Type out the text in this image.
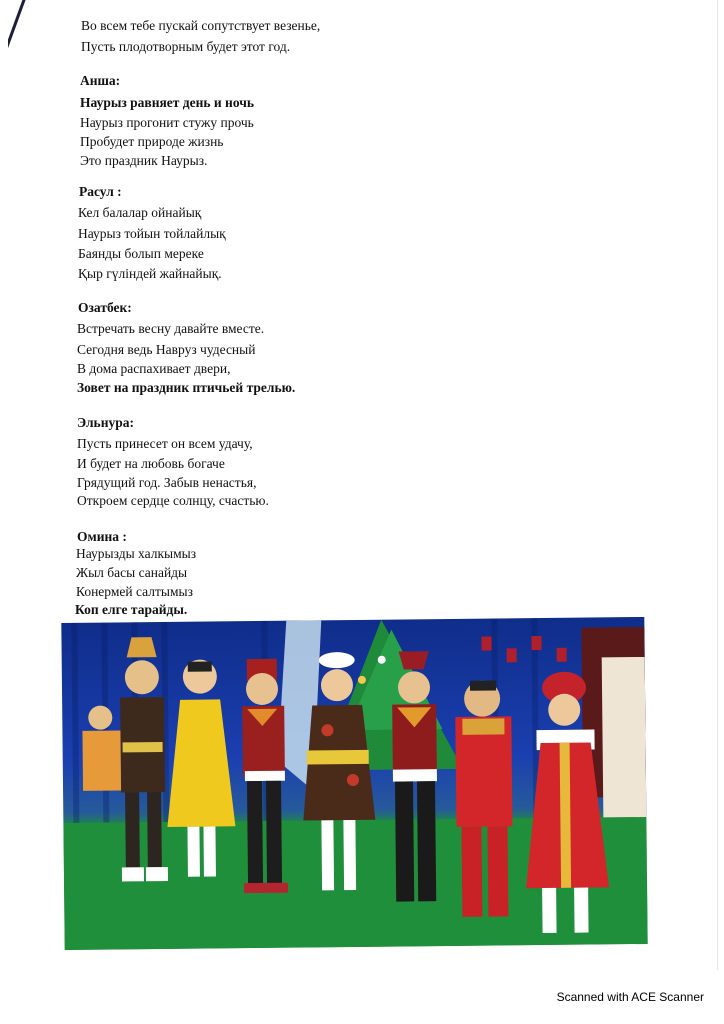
Во всем тебе пускай сопутствует везенье,
Пусть плодотворным будет этот год.
Анша:
Наурыз равняет день и ночь
Наурыз прогонит стужу прочь
Пробудет природе жизнь
Это праздник Наурыз.
Расул :
Кел балалар ойнайық
Наурыз тойын тойлайлық
Баянды болып мереке
Қыр гүліндей жайнайық.
Озатбек:
Встречать весну давайте вместе.
Сегодня ведь Навруз чудесный
В дома распахивает двери,
Зовет на праздник птичьей трелью.
Эльнура:
Пусть принесет он всем удачу,
И будет на любовь богаче
Грядущий год. Забыв ненастья,
Откроем сердце солнцу, счастью.
Омина :
Наурызды халкымыз
Жыл басы санайды
Конермей салтымыз
Коп елге тарайды.
Scanned with ACE Scanner
